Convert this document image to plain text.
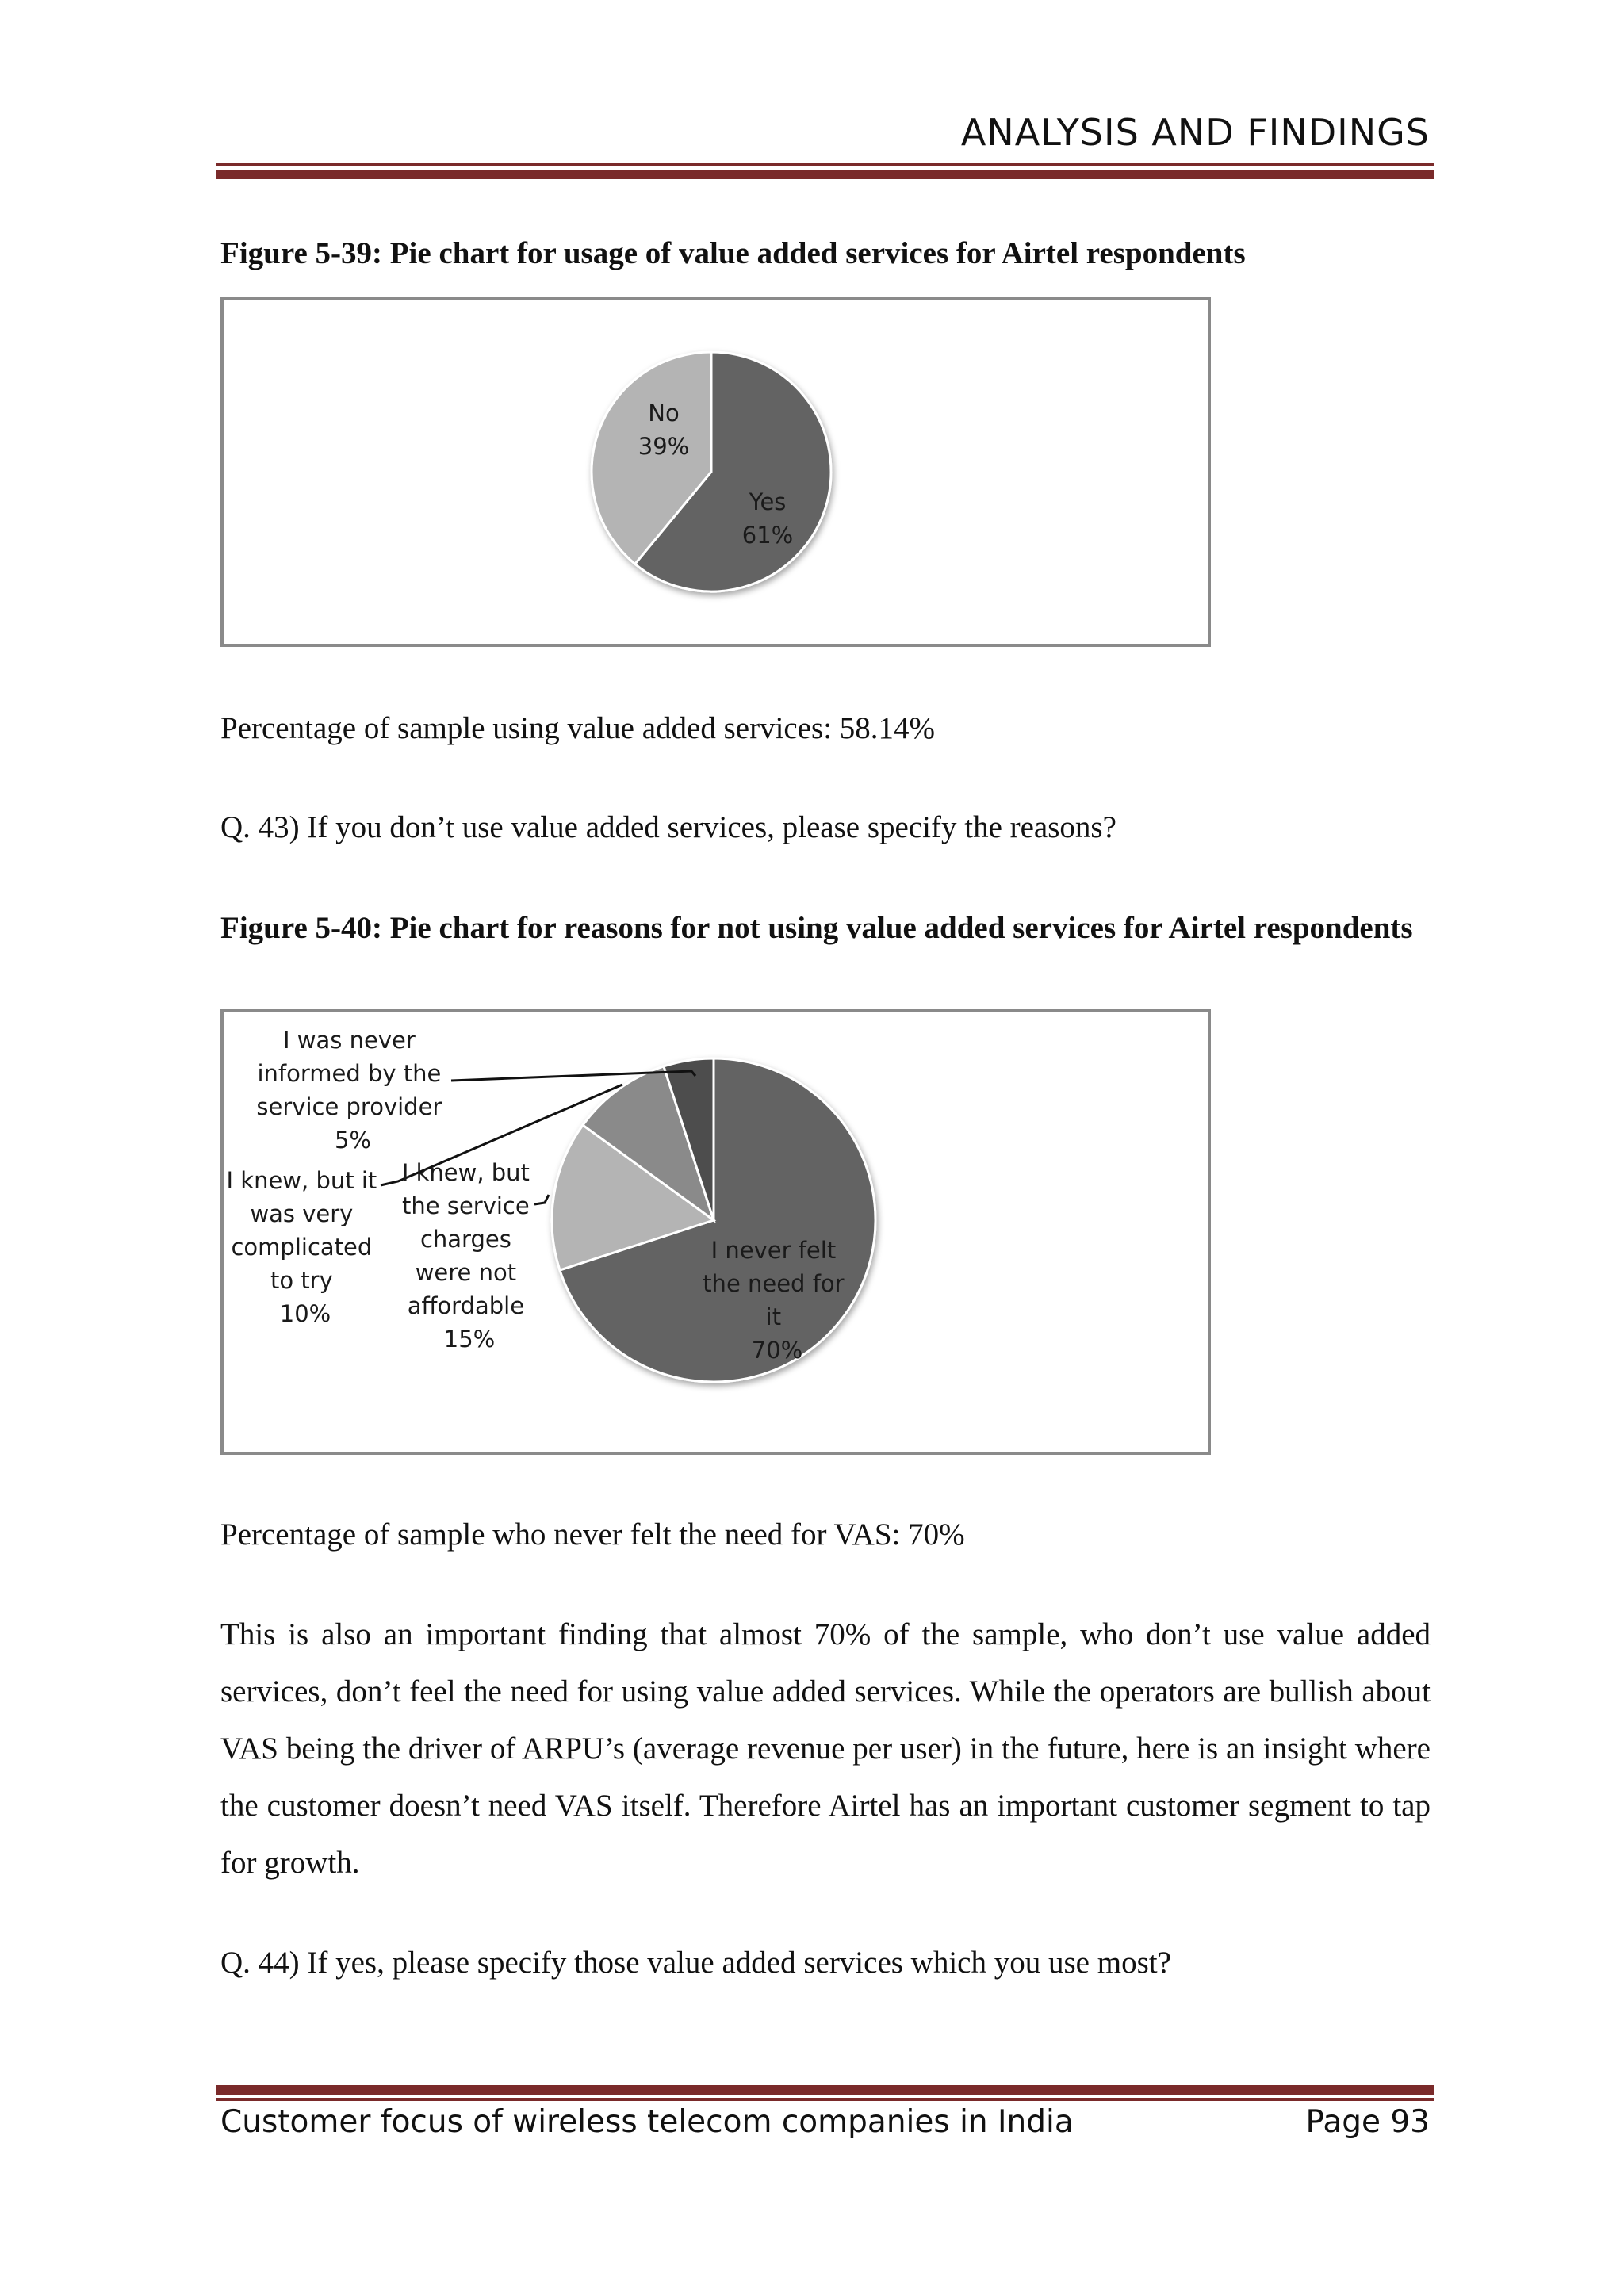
ANALYSIS AND FINDINGS
Figure 5-39: Pie chart for usage of value added services for Airtel respondents
No
39%
Yes
61%
Percentage of sample using value added services: 58.14%
Q. 43) If you don’t use value added services, please specify the reasons?
Figure 5-40: Pie chart for reasons for not using value added services for Airtel respondents
I was never informed by the service provider 5%
I knew, but it was very complicated to try 10%
I knew, but the service charges were not affordable 15%
I never felt the need for it 70%
Percentage of sample who never felt the need for VAS: 70%
This is also an important finding that almost 70% of the sample, who don’t use value added services, don’t feel the need for using value added services. While the operators are bullish about VAS being the driver of ARPU’s (average revenue per user) in the future, here is an insight where the customer doesn’t need VAS itself. Therefore Airtel has an important customer segment to tap for growth.
Q. 44) If yes, please specify those value added services which you use most?
Customer focus of wireless telecom companies in India	Page 93
